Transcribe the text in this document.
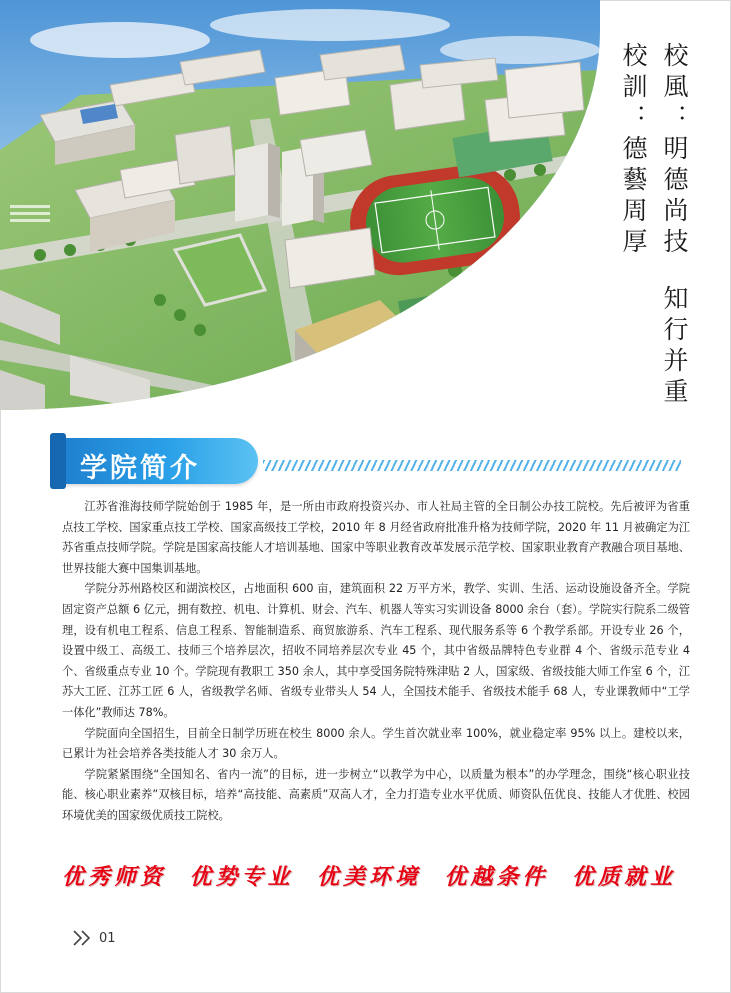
校風：明德尚技知行并重
校訓：德藝周厚
学院简介

江苏省淮海技师学院始创于 1985 年，是一所由市政府投资兴办、市人社局主管的全日制公办技工院校。先后被评为省重点技工学校、国家重点技工学校、国家高级技工学校，2010 年 8 月经省政府批准升格为技师学院，2020 年 11 月被确定为江苏省重点技师学院。学院是国家高技能人才培训基地、国家中等职业教育改革发展示范学校、国家职业教育产教融合项目基地、世界技能大赛中国集训基地。

学院分苏州路校区和湖滨校区，占地面积 600 亩，建筑面积 22 万平方米，教学、实训、生活、运动设施设备齐全。学院固定资产总额 6 亿元，拥有数控、机电、计算机、财会、汽车、机器人等实习实训设备 8000 余台（套）。学院实行院系二级管理，设有机电工程系、信息工程系、智能制造系、商贸旅游系、汽车工程系、现代服务系等 6 个教学系部。开设专业 26 个，设置中级工、高级工、技师三个培养层次，招收不同培养层次专业 45 个，其中省级品牌特色专业群 4 个、省级示范专业 4 个、省级重点专业 10 个。学院现有教职工 350 余人，其中享受国务院特殊津贴 2 人，国家级、省级技能大师工作室 6 个，江苏大工匠、江苏工匠 6 人，省级教学名师、省级专业带头人 54 人，全国技术能手、省级技术能手 68 人，专业课教师中“工学一体化”教师达 78%。

学院面向全国招生，目前全日制学历班在校生 8000 余人。学生首次就业率 100%，就业稳定率 95% 以上。建校以来，已累计为社会培养各类技能人才 30 余万人。

学院紧紧围绕“全国知名、省内一流”的目标，进一步树立“以教学为中心，以质量为根本”的办学理念，围绕“核心职业技能、核心职业素养”双核目标，培养“高技能、高素质”双高人才，全力打造专业水平优质、师资队伍优良、技能人才优胜、校园环境优美的国家级优质技工院校。

优秀师资 优势专业 优美环境 优越条件 优质就业
01
